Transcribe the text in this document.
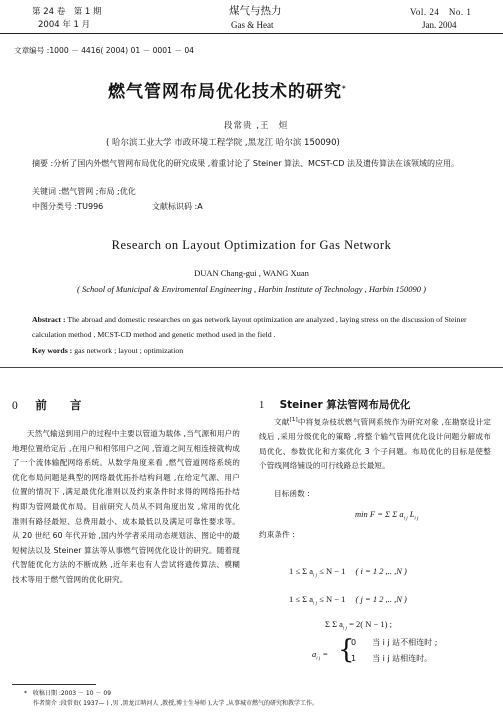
第 24 卷　第 1 期
2004 年 1 月
煤气与热力
Gas & Heat
Vol. 24　No. 1
Jan. 2004
文章编号 :1000 － 4416( 2004) 01 － 0001 － 04
燃气管网布局优化技术的研究*
段常贵 ,王　烜
( 哈尔滨工业大学 市政环境工程学院 ,黑龙江 哈尔滨 150090)
摘要 :分析了国内外燃气管网布局优化的研究成果 ,着重讨论了 Steiner 算法、MCST-CD 法及遗传算法在该领域的应用。
关键词 :燃气管网 ;布局 ;优化
中图分类号 :TU996	文献标识码 :A
Research on Layout Optimization for Gas Network
DUAN Chang-gui , WANG Xuan
( School of Municipal & Enviromental Engineering , Harbin Institute of Technology , Harbin 150090 )
Abstract : The abroad and domestic researches on gas network layout optimization are analyzed , laying stress on the discussion of Steiner calculation method , MCST-CD method and genetic method used in the field .
Key words : gas network ; layout ; optimization
0 前　　言
天然气输送到用户的过程中主要以管道为载体 ,当气源和用户的地理位置给定后 ,在用户和相邻用户之间 ,管道之间互相连接就构成了一个流体输配网络系统。从数学角度来看 ,燃气管道网络系统的优化布局问题是典型的网络最优拓扑结构问题 ,在给定气源、用户位置的情况下 ,满足最优化准则以及约束条件时求得的网络拓扑结构即为管网最优布局。目前研究人员从不同角度出发 ,常用的优化准则有路径最短、总费用最小、成本最低以及满足可靠性要求等。从 20 世纪 60 年代开始 ,国内外学者采用动态规划法、图论中的最短树法以及 Steiner 算法等从事燃气管网优化设计的研究。随着现代智能优化方法的不断成熟 ,近年来也有人尝试将遗传算法、模糊技术等用于燃气管网的优化研究。
1 Steiner 算法管网布局优化
文献[1]中将复杂枝状燃气管网系统作为研究对象 ,在勘察设计定线后 ,采用分级优化的策略 ,将整个输气管网优化设计问题分解成布局优化、参数优化和方案优化 3 个子问题。布局优化的目标是使整个管线网络铺设的可行线路总长最短。
目标函数 :
min F = Σ Σ $a_{i j}L_{i j}$
约束条件 :
1 ≤ Σ $a_{i j} \le N - 1$ ( i = 1 2 ,.. ,N )
1 ≤ Σ $a_{i j} \le N - 1$ ( j = 1 2 ,.. ,N )
Σ Σ $a_{i j} = 2$( N − 1) ;
$a_{i j}$ = {
0　　当 i j 站不相连时 ;
1　　当 i j 站相连时。
* 收稿日期 :2003 － 10 － 09
作者简介 :段常贵( 1937— ) ,男 ,黑龙江呐河人 ,教授,博士生导师 ),大学 ,从事城市燃气的研究和教学工作。
